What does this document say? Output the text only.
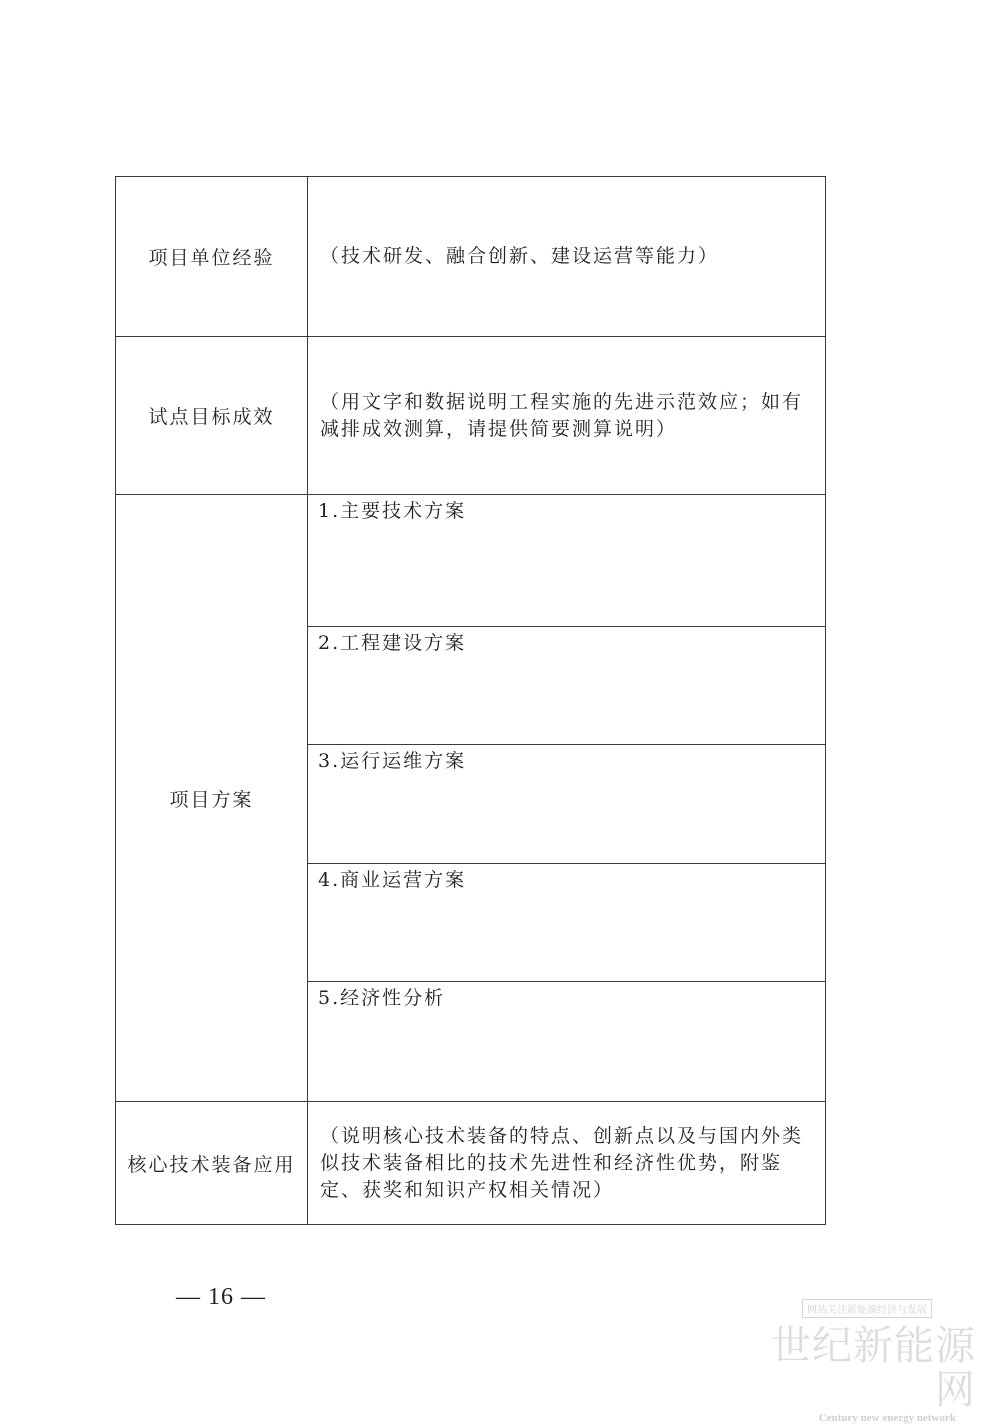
项目单位经验	（技术研发、融合创新、建设运营等能力）
试点目标成效	（用文字和数据说明工程实施的先进示范效应；如有减排成效测算，请提供简要测算说明）
项目方案	1.主要技术方案
	2.工程建设方案
	3.运行运维方案
	4.商业运营方案
	5.经济性分析
核心技术装备应用	（说明核心技术装备的特点、创新点以及与国内外类似技术装备相比的技术先进性和经济性优势，附鉴定、获奖和知识产权相关情况）
— 16 —
网站关注新能源经济与发展
世纪新能源网
Century new energy network
